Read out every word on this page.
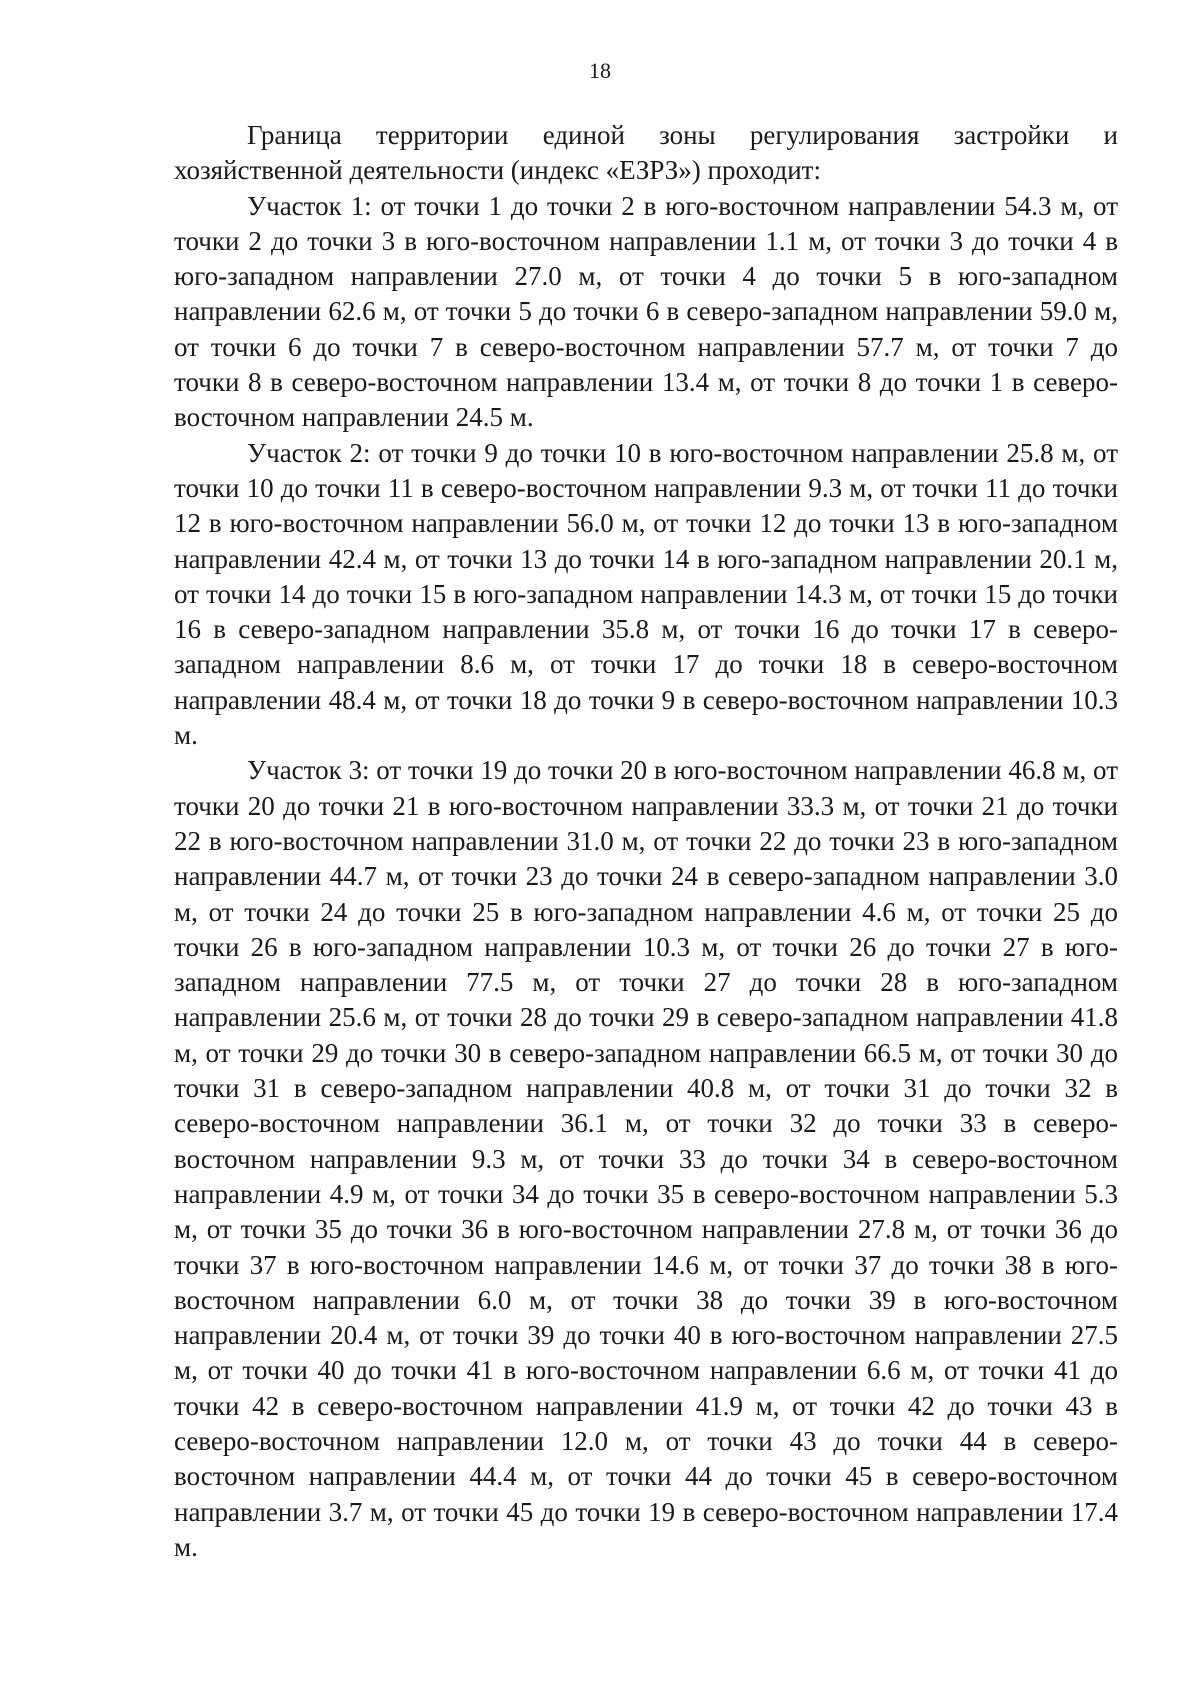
18

Граница территории единой зоны регулирования застройки и хозяйственной деятельности (индекс «ЕЗРЗ») проходит:

Участок 1: от точки 1 до точки 2 в юго-восточном направлении 54.3 м, от точки 2 до точки 3 в юго-восточном направлении 1.1 м, от точки 3 до точки 4 в юго-западном направлении 27.0 м, от точки 4 до точки 5 в юго-западном направлении 62.6 м, от точки 5 до точки 6 в северо-западном направлении 59.0 м, от точки 6 до точки 7 в северо-восточном направлении 57.7 м, от точки 7 до точки 8 в северо-восточном направлении 13.4 м, от точки 8 до точки 1 в северо-восточном направлении 24.5 м.

Участок 2: от точки 9 до точки 10 в юго-восточном направлении 25.8 м, от точки 10 до точки 11 в северо-восточном направлении 9.3 м, от точки 11 до точки 12 в юго-восточном направлении 56.0 м, от точки 12 до точки 13 в юго-западном направлении 42.4 м, от точки 13 до точки 14 в юго-западном направлении 20.1 м, от точки 14 до точки 15 в юго-западном направлении 14.3 м, от точки 15 до точки 16 в северо-западном направлении 35.8 м, от точки 16 до точки 17 в северо-западном направлении 8.6 м, от точки 17 до точки 18 в северо-восточном направлении 48.4 м, от точки 18 до точки 9 в северо-восточном направлении 10.3 м.

Участок 3: от точки 19 до точки 20 в юго-восточном направлении 46.8 м, от точки 20 до точки 21 в юго-восточном направлении 33.3 м, от точки 21 до точки 22 в юго-восточном направлении 31.0 м, от точки 22 до точки 23 в юго-западном направлении 44.7 м, от точки 23 до точки 24 в северо-западном направлении 3.0 м, от точки 24 до точки 25 в юго-западном направлении 4.6 м, от точки 25 до точки 26 в юго-западном направлении 10.3 м, от точки 26 до точки 27 в юго-западном направлении 77.5 м, от точки 27 до точки 28 в юго-западном направлении 25.6 м, от точки 28 до точки 29 в северо-западном направлении 41.8 м, от точки 29 до точки 30 в северо-западном направлении 66.5 м, от точки 30 до точки 31 в северо-западном направлении 40.8 м, от точки 31 до точки 32 в северо-восточном направлении 36.1 м, от точки 32 до точки 33 в северо-восточном направлении 9.3 м, от точки 33 до точки 34 в северо-восточном направлении 4.9 м, от точки 34 до точки 35 в северо-восточном направлении 5.3 м, от точки 35 до точки 36 в юго-восточном направлении 27.8 м, от точки 36 до точки 37 в юго-восточном направлении 14.6 м, от точки 37 до точки 38 в юго-восточном направлении 6.0 м, от точки 38 до точки 39 в юго-восточном направлении 20.4 м, от точки 39 до точки 40 в юго-восточном направлении 27.5 м, от точки 40 до точки 41 в юго-восточном направлении 6.6 м, от точки 41 до точки 42 в северо-восточном направлении 41.9 м, от точки 42 до точки 43 в северо-восточном направлении 12.0 м, от точки 43 до точки 44 в северо-восточном направлении 44.4 м, от точки 44 до точки 45 в северо-восточном направлении 3.7 м, от точки 45 до точки 19 в северо-восточном направлении 17.4 м.
